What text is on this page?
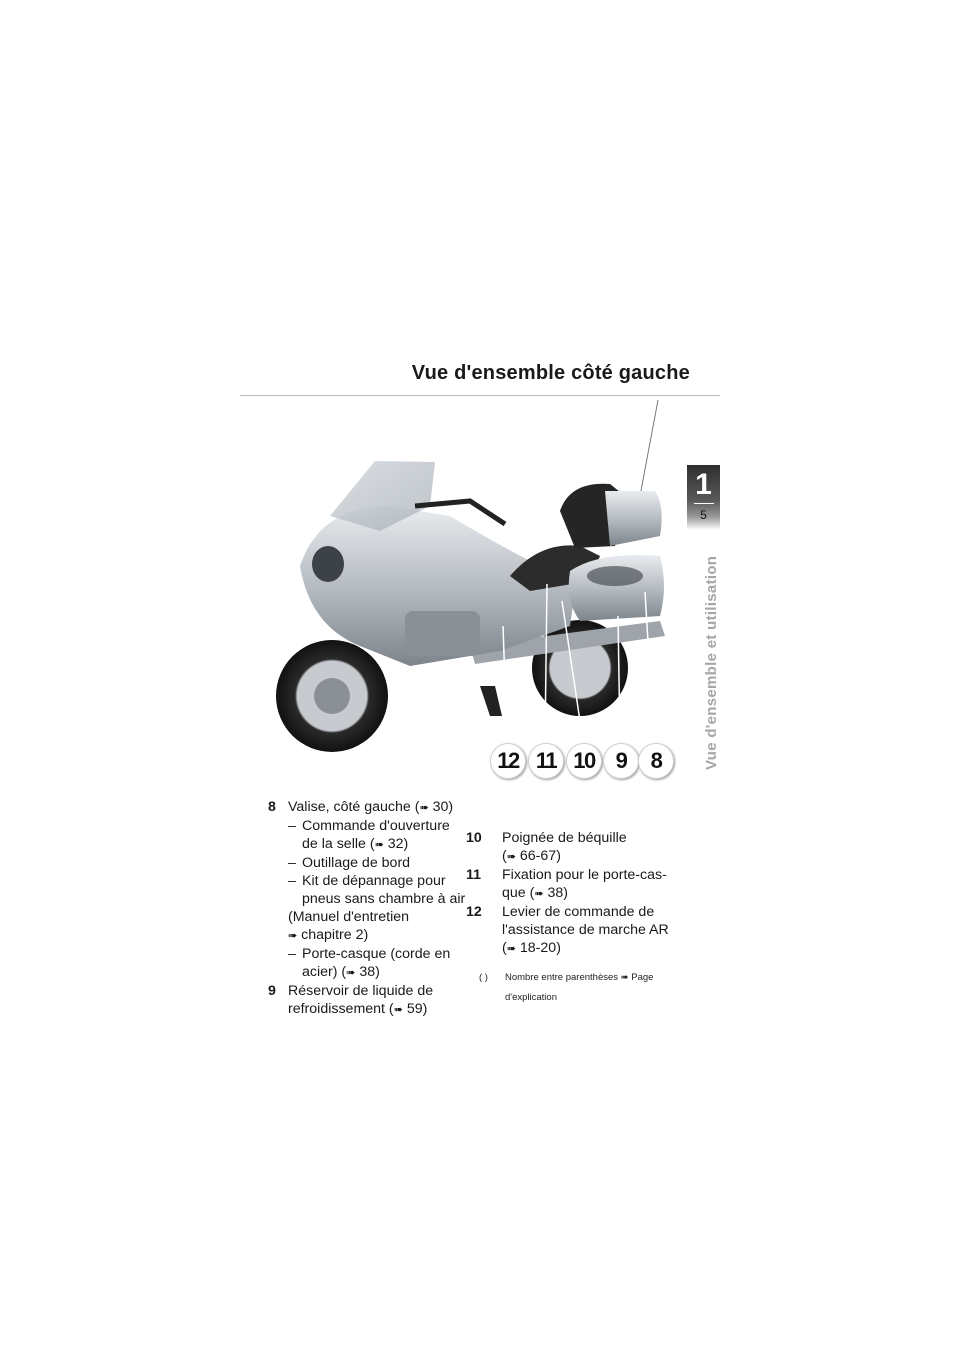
Vue d'ensemble côté gauche
1
5
Vue d'ensemble et utilisation
12 11 10 9	8
8 Valise, côté gauche (➠ 30)
– Commande d'ouverture
de la selle (➠ 32)
– Outillage de bord
– Kit de dépannage pour
pneus sans chambre à air
(Manuel d'entretien
➠ chapitre 2)
– Porte-casque (corde en
acier) (➠ 38)
9 Réservoir de liquide de
refroidissement (➠ 59)
10 Poignée de béquille
(➠ 66-67)
11 Fixation pour le porte-cas-
que (➠ 38)
12 Levier de commande de
l'assistance de marche AR
(➠ 18-20)
( )	Nombre entre parenthèses ➠ Page
d'explication
